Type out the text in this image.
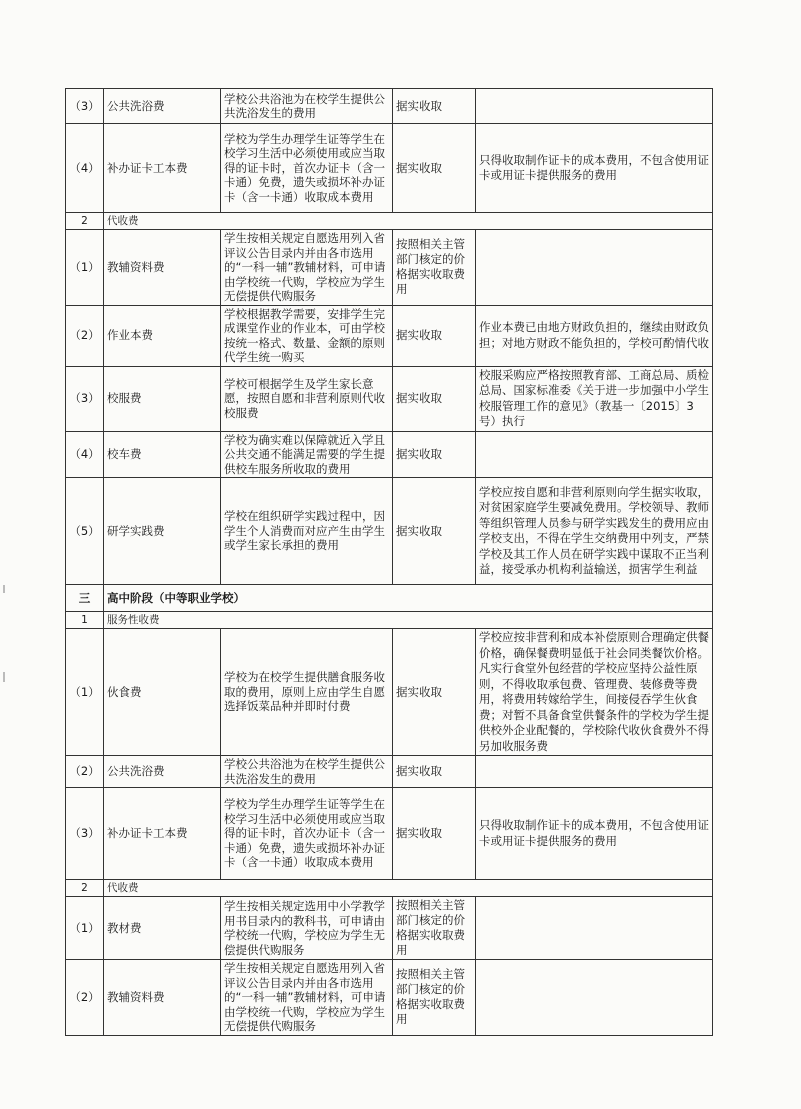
（3）	公共洗浴费	学校公共浴池为在校学生提供公共洗浴发生的费用	据实收取	
（4）	补办证卡工本费	学校为学生办理学生证等学生在校学习生活中必须使用或应当取得的证卡时，首次办证卡（含一卡通）免费，遗失或损坏补办证卡（含一卡通）收取成本费用	据实收取	只得收取制作证卡的成本费用，不包含使用证卡或用证卡提供服务的费用
2	代收费			
（1）	教辅资料费	学生按相关规定自愿选用列入省评议公告目录内并由各市选用的“一科一辅”教辅材料，可申请由学校统一代购，学校应为学生无偿提供代购服务	按照相关主管部门核定的价格据实收取费用	
（2）	作业本费	学校根据教学需要，安排学生完成课堂作业的作业本，可由学校按统一格式、数量、金额的原则代学生统一购买	据实收取	作业本费已由地方财政负担的，继续由财政负担；对地方财政不能负担的，学校可酌情代收
（3）	校服费	学校可根据学生及学生家长意愿，按照自愿和非营利原则代收校服费	据实收取	校服采购应严格按照教育部、工商总局、质检总局、国家标准委《关于进一步加强中小学生校服管理工作的意见》（教基一〔2015〕3号）执行
（4）	校车费	学校为确实难以保障就近入学且公共交通不能满足需要的学生提供校车服务所收取的费用	据实收取	
（5）	研学实践费	学校在组织研学实践过程中，因学生个人消费而对应产生由学生或学生家长承担的费用	据实收取	学校应按自愿和非营利原则向学生据实收取，对贫困家庭学生要减免费用。学校领导、教师等组织管理人员参与研学实践发生的费用应由学校支出，不得在学生交纳费用中列支，严禁学校及其工作人员在研学实践中谋取不正当利益，接受承办机构利益输送，损害学生利益
三	高中阶段（中等职业学校）			
1	服务性收费			
（1）	伙食费	学校为在校学生提供膳食服务收取的费用，原则上应由学生自愿选择饭菜品种并即时付费	据实收取	学校应按非营利和成本补偿原则合理确定供餐价格，确保餐费明显低于社会同类餐饮价格。凡实行食堂外包经营的学校应坚持公益性原则，不得收取承包费、管理费、装修费等费用，将费用转嫁给学生，间接侵吞学生伙食费；对暂不具备食堂供餐条件的学校为学生提供校外企业配餐的，学校除代收伙食费外不得另加收服务费
（2）	公共洗浴费	学校公共浴池为在校学生提供公共洗浴发生的费用	据实收取	
（3）	补办证卡工本费	学校为学生办理学生证等学生在校学习生活中必须使用或应当取得的证卡时，首次办证卡（含一卡通）免费，遗失或损坏补办证卡（含一卡通）收取成本费用	据实收取	只得收取制作证卡的成本费用，不包含使用证卡或用证卡提供服务的费用
2	代收费			
（1）	教材费	学生按相关规定选用中小学教学用书目录内的教科书，可申请由学校统一代购，学校应为学生无偿提供代购服务	按照相关主管部门核定的价格据实收取费用	
（2）	教辅资料费	学生按相关规定自愿选用列入省评议公告目录内并由各市选用的“一科一辅”教辅材料，可申请由学校统一代购，学校应为学生无偿提供代购服务	按照相关主管部门核定的价格据实收取费用	
